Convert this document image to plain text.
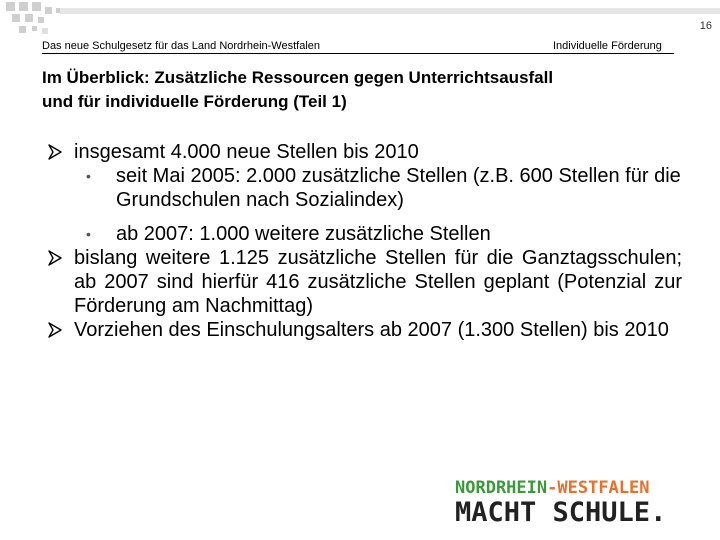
16
Das neue Schulgesetz für das Land Nordrhein-Westfalen	Individuelle Förderung
Im Überblick: Zusätzliche Ressourcen gegen Unterrichtsausfall
und für individuelle Förderung (Teil 1)
insgesamt 4.000 neue Stellen bis 2010
• seit Mai 2005: 2.000 zusätzliche Stellen (z.B. 600 Stellen für die Grundschulen nach Sozialindex)
• ab 2007: 1.000 weitere zusätzliche Stellen
bislang weitere 1.125 zusätzliche Stellen für die Ganztagsschulen; ab 2007 sind hierfür 416 zusätzliche Stellen geplant (Potenzial zur Förderung am Nachmittag)
Vorziehen des Einschulungsalters ab 2007 (1.300 Stellen) bis 2010
NORDRHEIN-WESTFALEN
MACHT SCHULE.
